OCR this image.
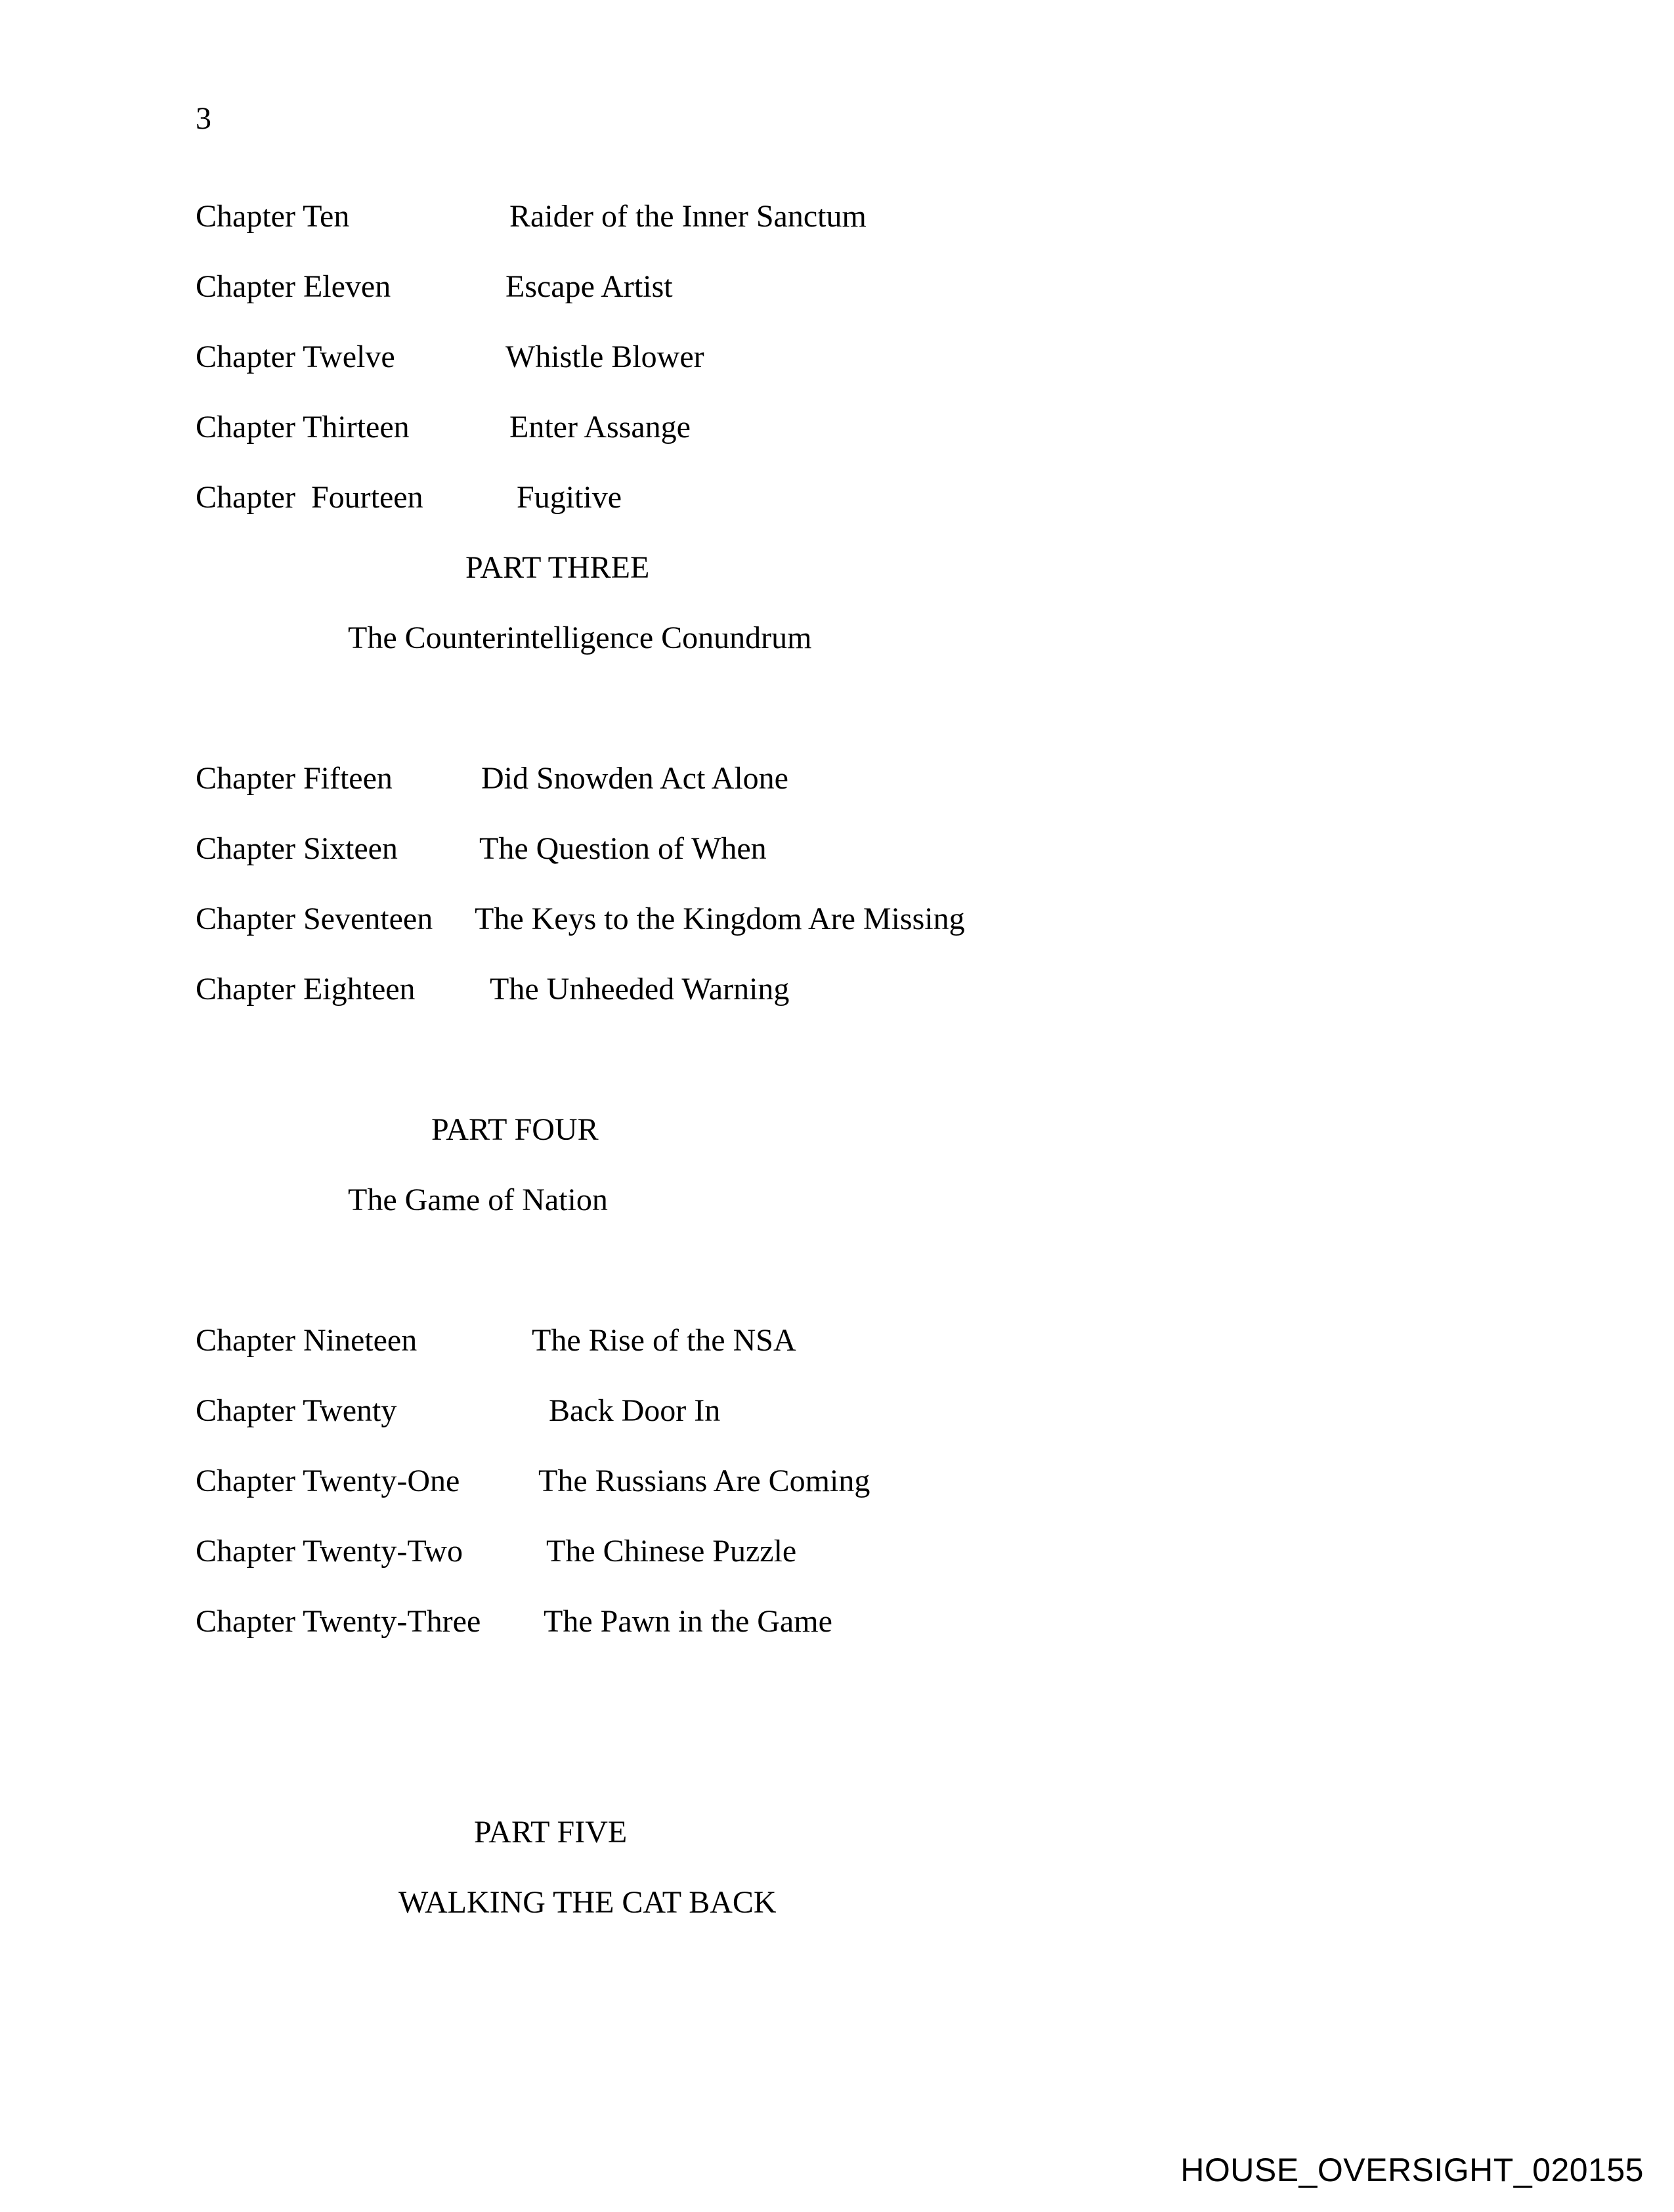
3
Chapter Ten	Raider of the Inner Sanctum
Chapter Eleven	Escape Artist
Chapter Twelve	Whistle Blower
Chapter Thirteen	Enter Assange
Chapter  Fourteen	Fugitive
PART THREE
The Counterintelligence Conundrum
Chapter Fifteen	Did Snowden Act Alone
Chapter Sixteen	The Question of When
Chapter Seventeen The Keys to the Kingdom Are Missing
Chapter Eighteen The Unheeded Warning
PART FOUR
The Game of Nation
Chapter Nineteen	The Rise of the NSA
Chapter Twenty	Back Door In
Chapter Twenty-One The Russians Are Coming
Chapter Twenty-Two	The Chinese Puzzle
Chapter Twenty-Three The Pawn in the Game
PART FIVE
WALKING THE CAT BACK
HOUSE_OVERSIGHT_020155
